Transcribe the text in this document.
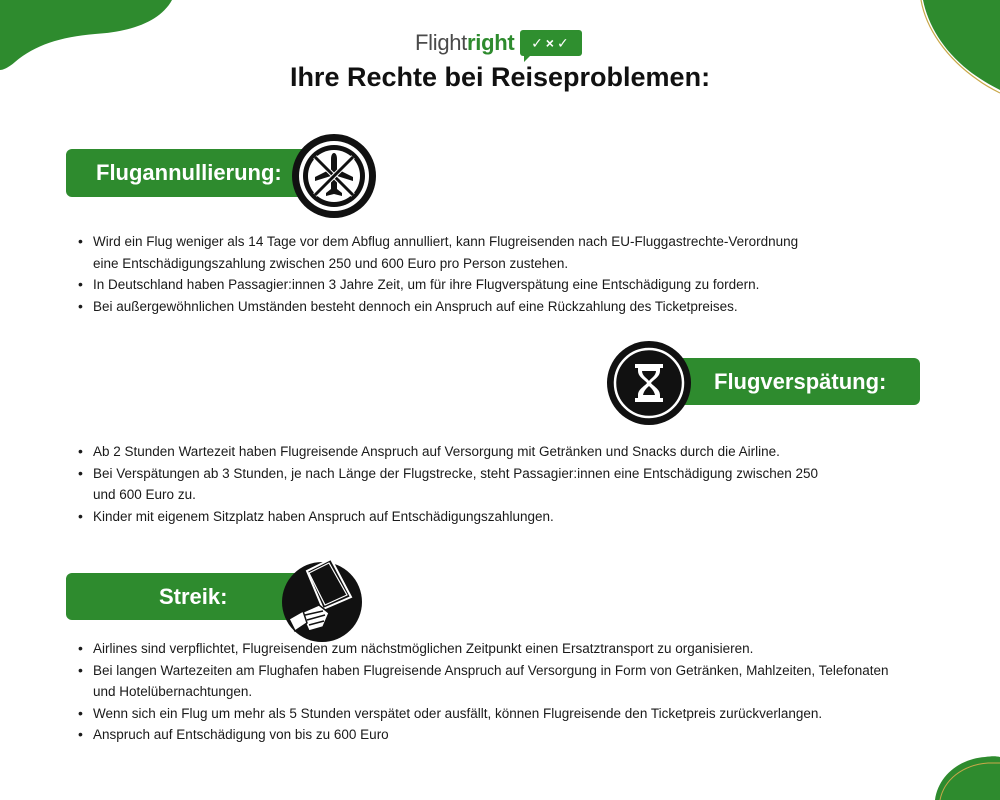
Flightright	✓×✓
Ihre Rechte bei Reiseproblemen:
Flugannullierung:
• Wird ein Flug weniger als 14 Tage vor dem Abflug annulliert, kann Flugreisenden nach EU-Fluggastrechte-Verordnung
eine Entschädigungszahlung zwischen 250 und 600 Euro pro Person zustehen.
• In Deutschland haben Passagier:innen 3 Jahre Zeit, um für ihre Flugverspätung eine Entschädigung zu fordern.
• Bei außergewöhnlichen Umständen besteht dennoch ein Anspruch auf eine Rückzahlung des Ticketpreises.
Flugverspätung:
• Ab 2 Stunden Wartezeit haben Flugreisende Anspruch auf Versorgung mit Getränken und Snacks durch die Airline.
• Bei Verspätungen ab 3 Stunden, je nach Länge der Flugstrecke, steht Passagier:innen eine Entschädigung zwischen 250
und 600 Euro zu.
• Kinder mit eigenem Sitzplatz haben Anspruch auf Entschädigungszahlungen.
Streik:
• Airlines sind verpflichtet, Flugreisenden zum nächstmöglichen Zeitpunkt einen Ersatztransport zu organisieren.
• Bei langen Wartezeiten am Flughafen haben Flugreisende Anspruch auf Versorgung in Form von Getränken, Mahlzeiten, Telefonaten
und Hotelübernachtungen.
• Wenn sich ein Flug um mehr als 5 Stunden verspätet oder ausfällt, können Flugreisende den Ticketpreis zurückverlangen.
• Anspruch auf Entschädigung von bis zu 600 Euro
